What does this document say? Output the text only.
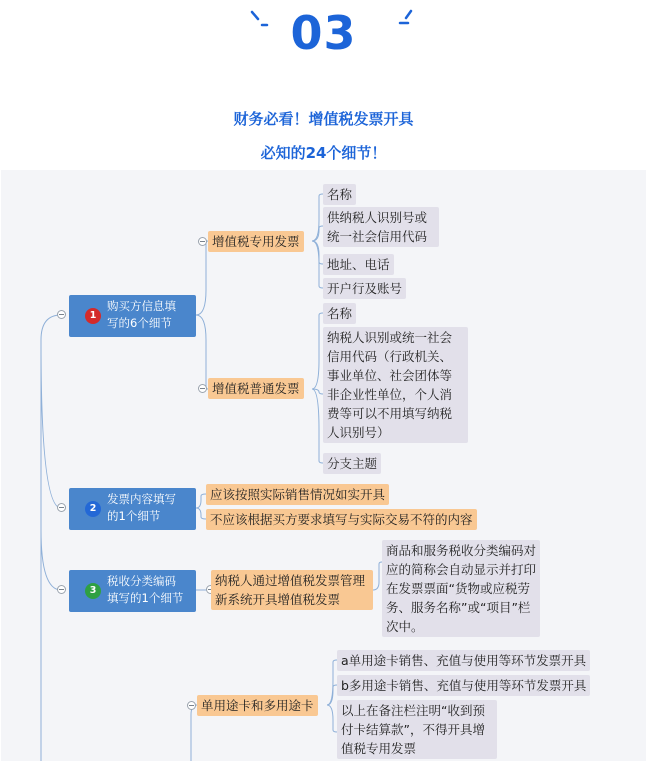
03
财务必看！增值税发票开具
必知的24个细节！
1
购买方信息填
写的6个细节
2
发票内容填写
的1个细节
3
税收分类编码
填写的1个细节
增值税专用发票
增值税普通发票
名称
供纳税人识别号或统一社会信用代码
地址、电话
开户行及账号
名称
纳税人识别或统一社会信用代码（行政机关、事业单位、社会团体等非企业性单位，个人消费等可以不用填写纳税人识别号）
分支主题
应该按照实际销售情况如实开具
不应该根据买方要求填写与实际交易不符的内容
纳税人通过增值税发票管理新系统开具增值税发票
商品和服务税收分类编码对应的简称会自动显示并打印在发票票面“货物或应税劳务、服务名称”或“项目”栏次中。
单用途卡和多用途卡
a单用途卡销售、充值与使用等环节发票开具
b多用途卡销售、充值与使用等环节发票开具
以上在备注栏注明“收到预付卡结算款”，不得开具增值税专用发票
